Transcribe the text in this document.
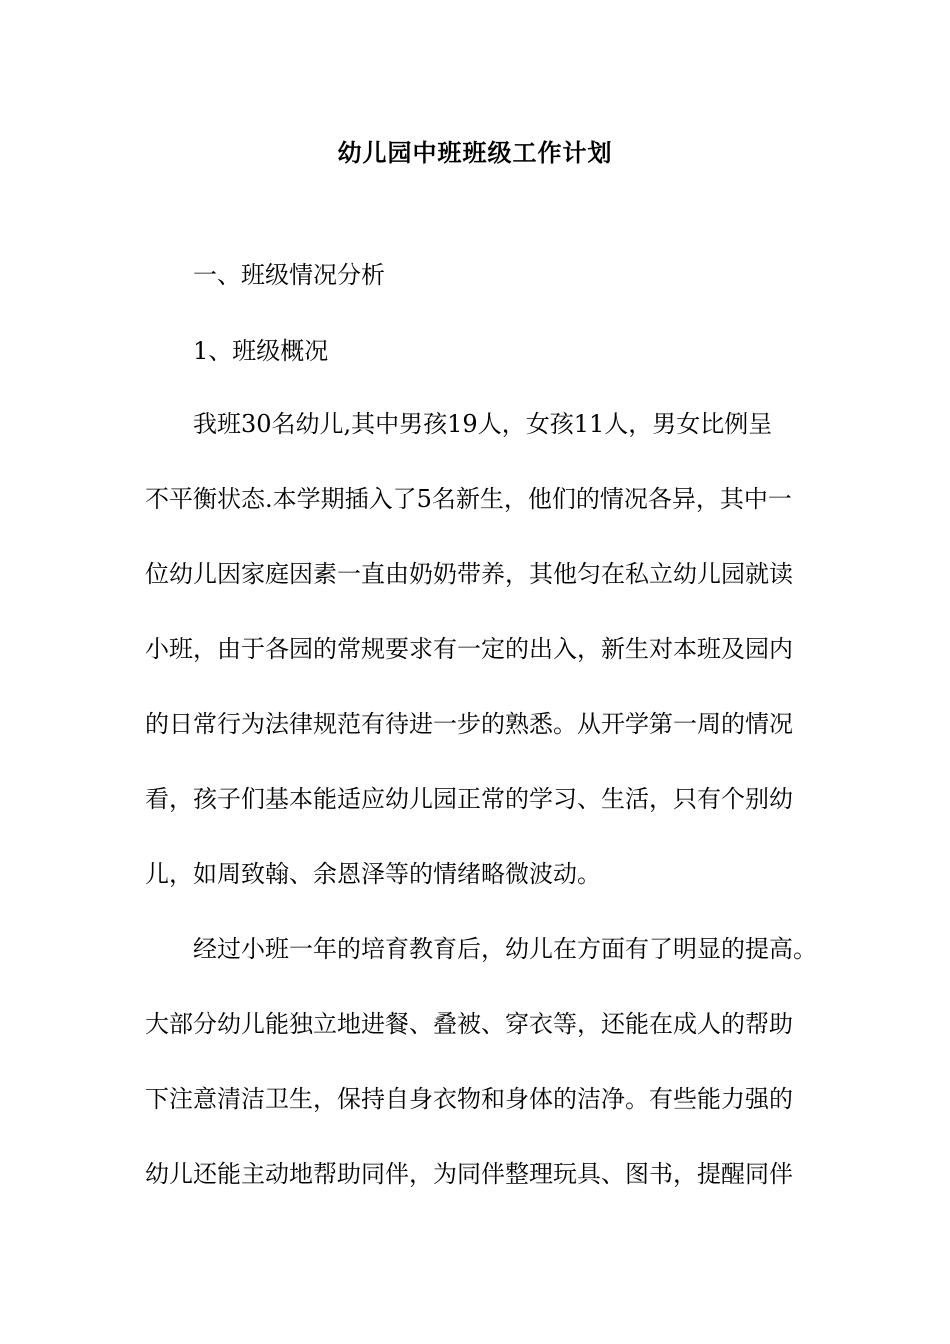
幼儿园中班班级工作计划
一、班级情况分析
1、班级概况
我班30名幼儿,其中男孩19人，女孩11人，男女比例呈
不平衡状态.本学期插入了5名新生，他们的情况各异，其中一
位幼儿因家庭因素一直由奶奶带养，其他匀在私立幼儿园就读
小班，由于各园的常规要求有一定的出入，新生对本班及园内
的日常行为法律规范有待进一步的熟悉。从开学第一周的情况
看，孩子们基本能适应幼儿园正常的学习、生活，只有个别幼
儿，如周致翰、余恩泽等的情绪略微波动。
经过小班一年的培育教育后，幼儿在方面有了明显的提高。
大部分幼儿能独立地进餐、叠被、穿衣等，还能在成人的帮助
下注意清洁卫生，保持自身衣物和身体的洁净。有些能力强的
幼儿还能主动地帮助同伴，为同伴整理玩具、图书，提醒同伴
